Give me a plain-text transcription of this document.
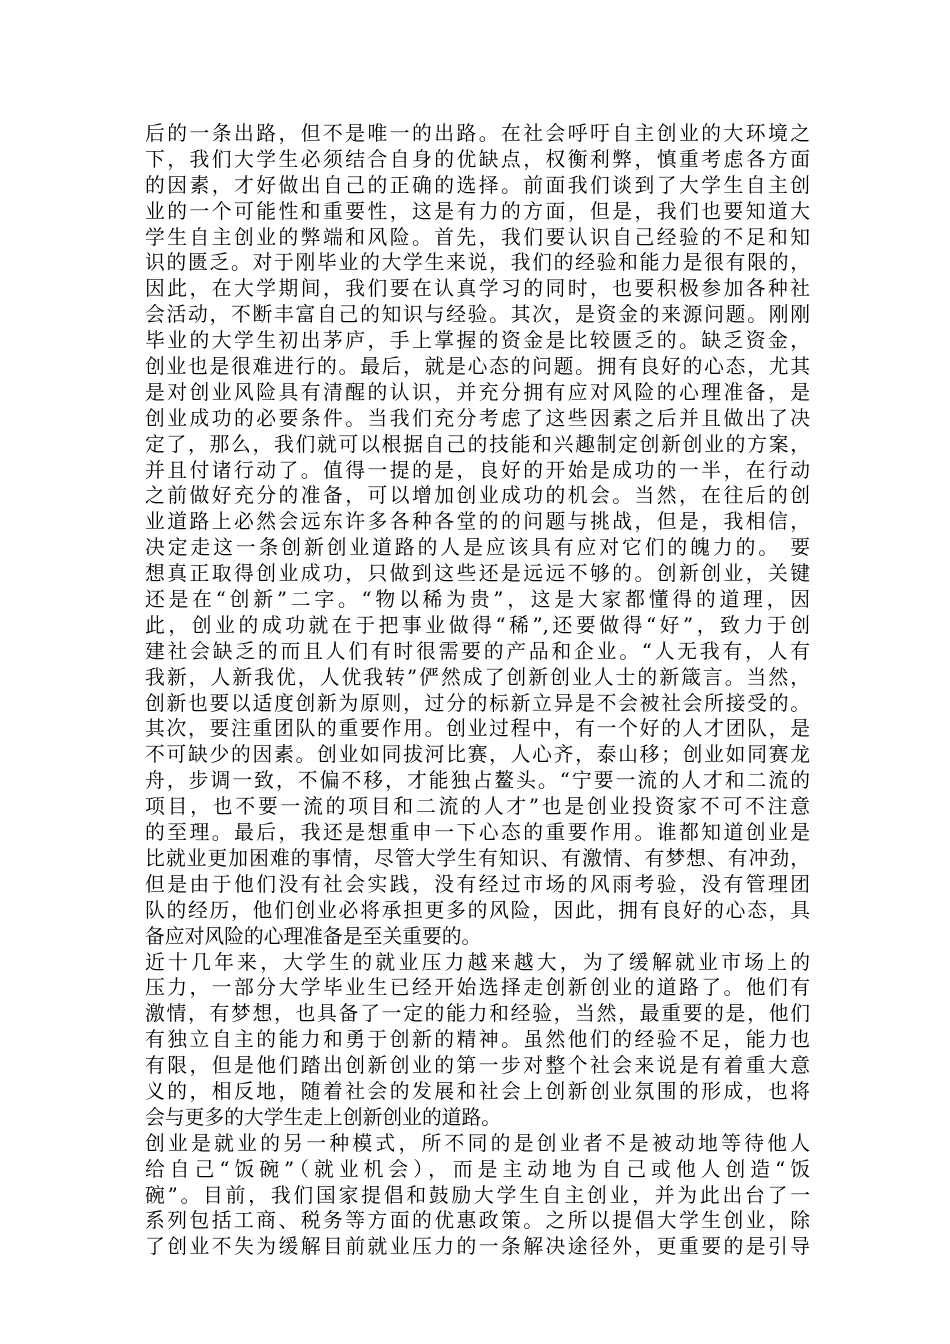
后的一条出路，但不是唯一的出路。在社会呼吁自主创业的大环境之
下，我们大学生必须结合自身的优缺点，权衡利弊，慎重考虑各方面
的因素，才好做出自己的正确的选择。前面我们谈到了大学生自主创
业的一个可能性和重要性，这是有力的方面，但是，我们也要知道大
学生自主创业的弊端和风险。首先，我们要认识自己经验的不足和知
识的匮乏。对于刚毕业的大学生来说，我们的经验和能力是很有限的，
因此，在大学期间，我们要在认真学习的同时，也要积极参加各种社
会活动，不断丰富自己的知识与经验。其次，是资金的来源问题。刚刚
毕业的大学生初出茅庐，手上掌握的资金是比较匮乏的。缺乏资金，
创业也是很难进行的。最后，就是心态的问题。拥有良好的心态，尤其
是对创业风险具有清醒的认识，并充分拥有应对风险的心理准备，是
创业成功的必要条件。当我们充分考虑了这些因素之后并且做出了决
定了，那么，我们就可以根据自己的技能和兴趣制定创新创业的方案，
并且付诸行动了。值得一提的是，良好的开始是成功的一半，在行动
之前做好充分的准备，可以增加创业成功的机会。当然，在往后的创
业道路上必然会远东许多各种各堂的的问题与挑战，但是，我相信，
决定走这一条创新创业道路的人是应该具有应对它们的魄力的。 要
想真正取得创业成功，只做到这些还是远远不够的。创新创业，关键
还是在“创新”二字。“物以稀为贵”，这是大家都懂得的道理，因
此，创业的成功就在于把事业做得“稀”,还要做得“好”，致力于创
建社会缺乏的而且人们有时很需要的产品和企业。“人无我有，人有
我新，人新我优，人优我转”俨然成了创新创业人士的新箴言。当然，
创新也要以适度创新为原则，过分的标新立异是不会被社会所接受的。
其次，要注重团队的重要作用。创业过程中，有一个好的人才团队，是
不可缺少的因素。创业如同拔河比赛，人心齐，泰山移；创业如同赛龙
舟，步调一致，不偏不移，才能独占鳌头。“宁要一流的人才和二流的
项目，也不要一流的项目和二流的人才”也是创业投资家不可不注意
的至理。最后，我还是想重申一下心态的重要作用。谁都知道创业是
比就业更加困难的事情，尽管大学生有知识、有激情、有梦想、有冲劲，
但是由于他们没有社会实践，没有经过市场的风雨考验，没有管理团
队的经历，他们创业必将承担更多的风险，因此，拥有良好的心态，具
备应对风险的心理准备是至关重要的。
近十几年来，大学生的就业压力越来越大，为了缓解就业市场上的
压力，一部分大学毕业生已经开始选择走创新创业的道路了。他们有
激情，有梦想，也具备了一定的能力和经验，当然，最重要的是，他们
有独立自主的能力和勇于创新的精神。虽然他们的经验不足，能力也
有限，但是他们踏出创新创业的第一步对整个社会来说是有着重大意
义的，相反地，随着社会的发展和社会上创新创业氛围的形成，也将
会与更多的大学生走上创新创业的道路。
创业是就业的另一种模式，所不同的是创业者不是被动地等待他人
给自己“饭碗”（就业机会），而是主动地为自己或他人创造“饭
碗”。目前，我们国家提倡和鼓励大学生自主创业，并为此出台了一
系列包括工商、税务等方面的优惠政策。之所以提倡大学生创业，除
了创业不失为缓解目前就业压力的一条解决途径外，更重要的是引导
